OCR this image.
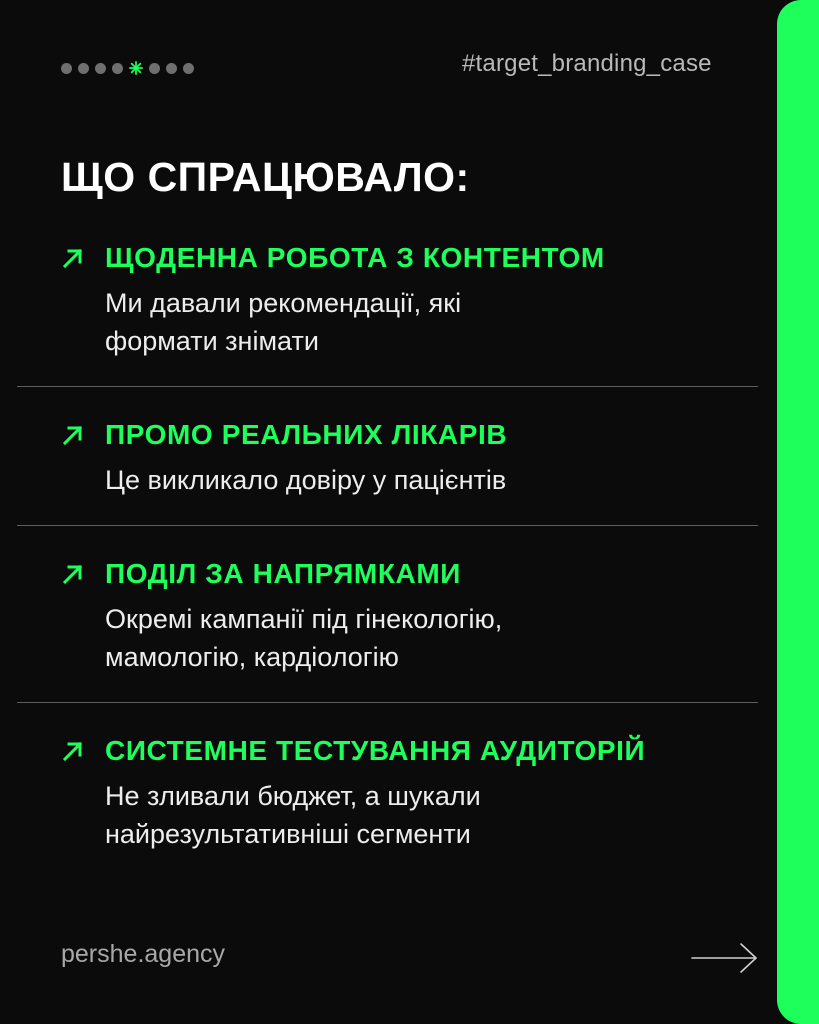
#target_branding_case
ЩО СПРАЦЮВАЛО:
ЩОДЕННА РОБОТА З КОНТЕНТОМ
Ми давали рекомендації, які формати знімати
ПРОМО РЕАЛЬНИХ ЛІКАРІВ
Це викликало довіру у пацієнтів
ПОДІЛ ЗА НАПРЯМКАМИ
Окремі кампанії під гінекологію, мамологію, кардіологію
СИСТЕМНЕ ТЕСТУВАННЯ АУДИТОРІЙ
Не зливали бюджет, а шукали найрезультативніші сегменти
pershe.agency
